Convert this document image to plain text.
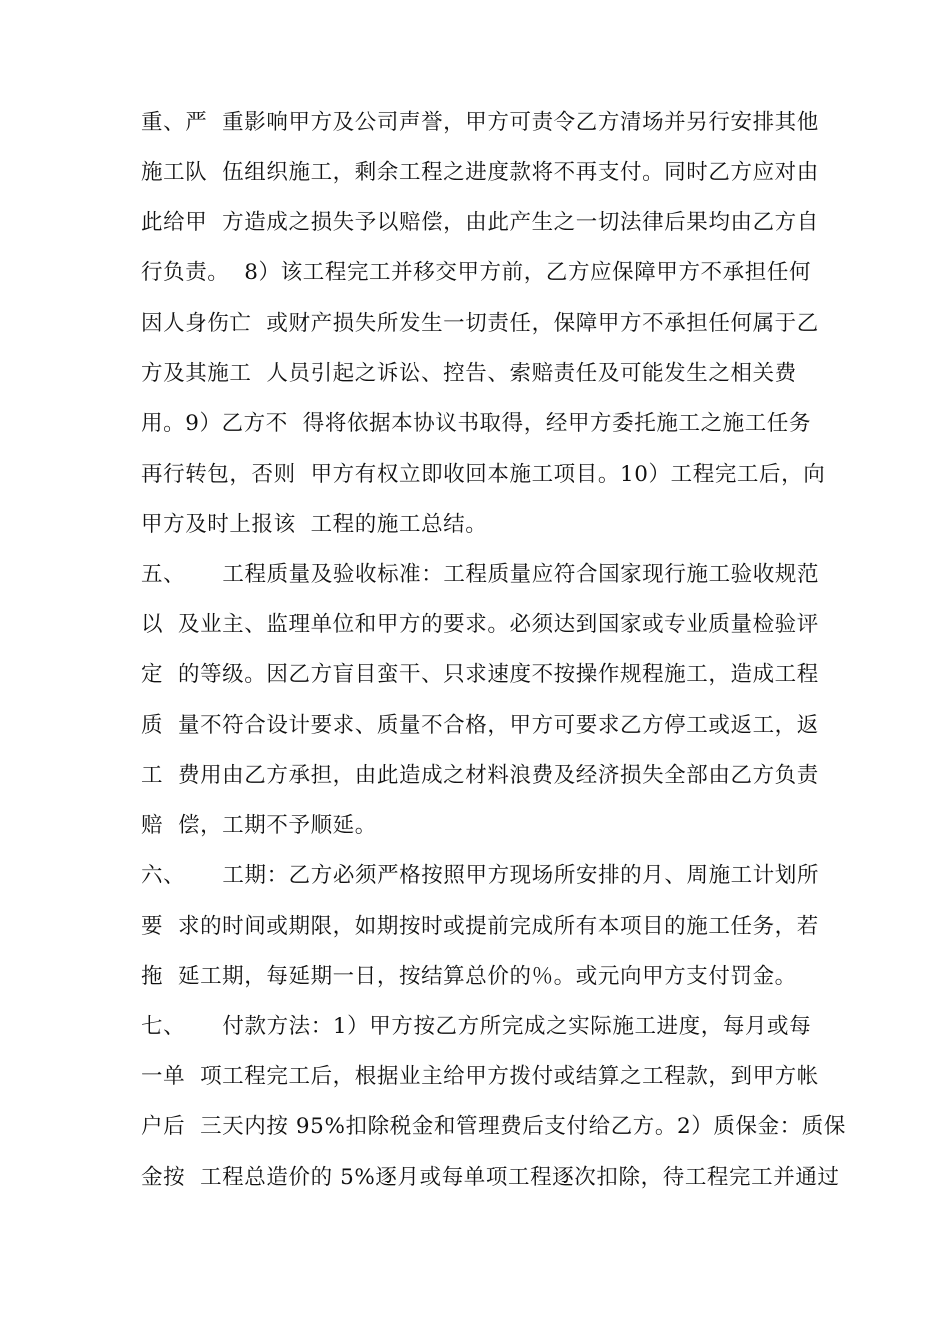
重、严  重影响甲方及公司声誉，甲方可责令乙方清场并另行安排其他
施工队  伍组织施工，剩余工程之进度款将不再支付。同时乙方应对由
此给甲  方造成之损失予以赔偿，由此产生之一切法律后果均由乙方自
行负责。  8）该工程完工并移交甲方前，乙方应保障甲方不承担任何
因人身伤亡  或财产损失所发生一切责任，保障甲方不承担任何属于乙
方及其施工  人员引起之诉讼、控告、索赔责任及可能发生之相关费
用。9）乙方不  得将依据本协议书取得，经甲方委托施工之施工任务
再行转包，否则  甲方有权立即收回本施工项目。10）工程完工后，向
甲方及时上报该  工程的施工总结。
五、     工程质量及验收标准：工程质量应符合国家现行施工验收规范
以  及业主、监理单位和甲方的要求。必须达到国家或专业质量检验评
定  的等级。因乙方盲目蛮干、只求速度不按操作规程施工，造成工程
质  量不符合设计要求、质量不合格，甲方可要求乙方停工或返工，返
工  费用由乙方承担，由此造成之材料浪费及经济损失全部由乙方负责
赔  偿，工期不予顺延。
六、     工期：乙方必须严格按照甲方现场所安排的月、周施工计划所
要  求的时间或期限，如期按时或提前完成所有本项目的施工任务，若
拖  延工期，每延期一日，按结算总价的％。或元向甲方支付罚金。
七、     付款方法：1）甲方按乙方所完成之实际施工进度，每月或每
一单  项工程完工后，根据业主给甲方拨付或结算之工程款，到甲方帐
户后  三天内按 95%扣除税金和管理费后支付给乙方。2）质保金：质保
金按  工程总造价的 5%逐月或每单项工程逐次扣除，待工程完工并通过
